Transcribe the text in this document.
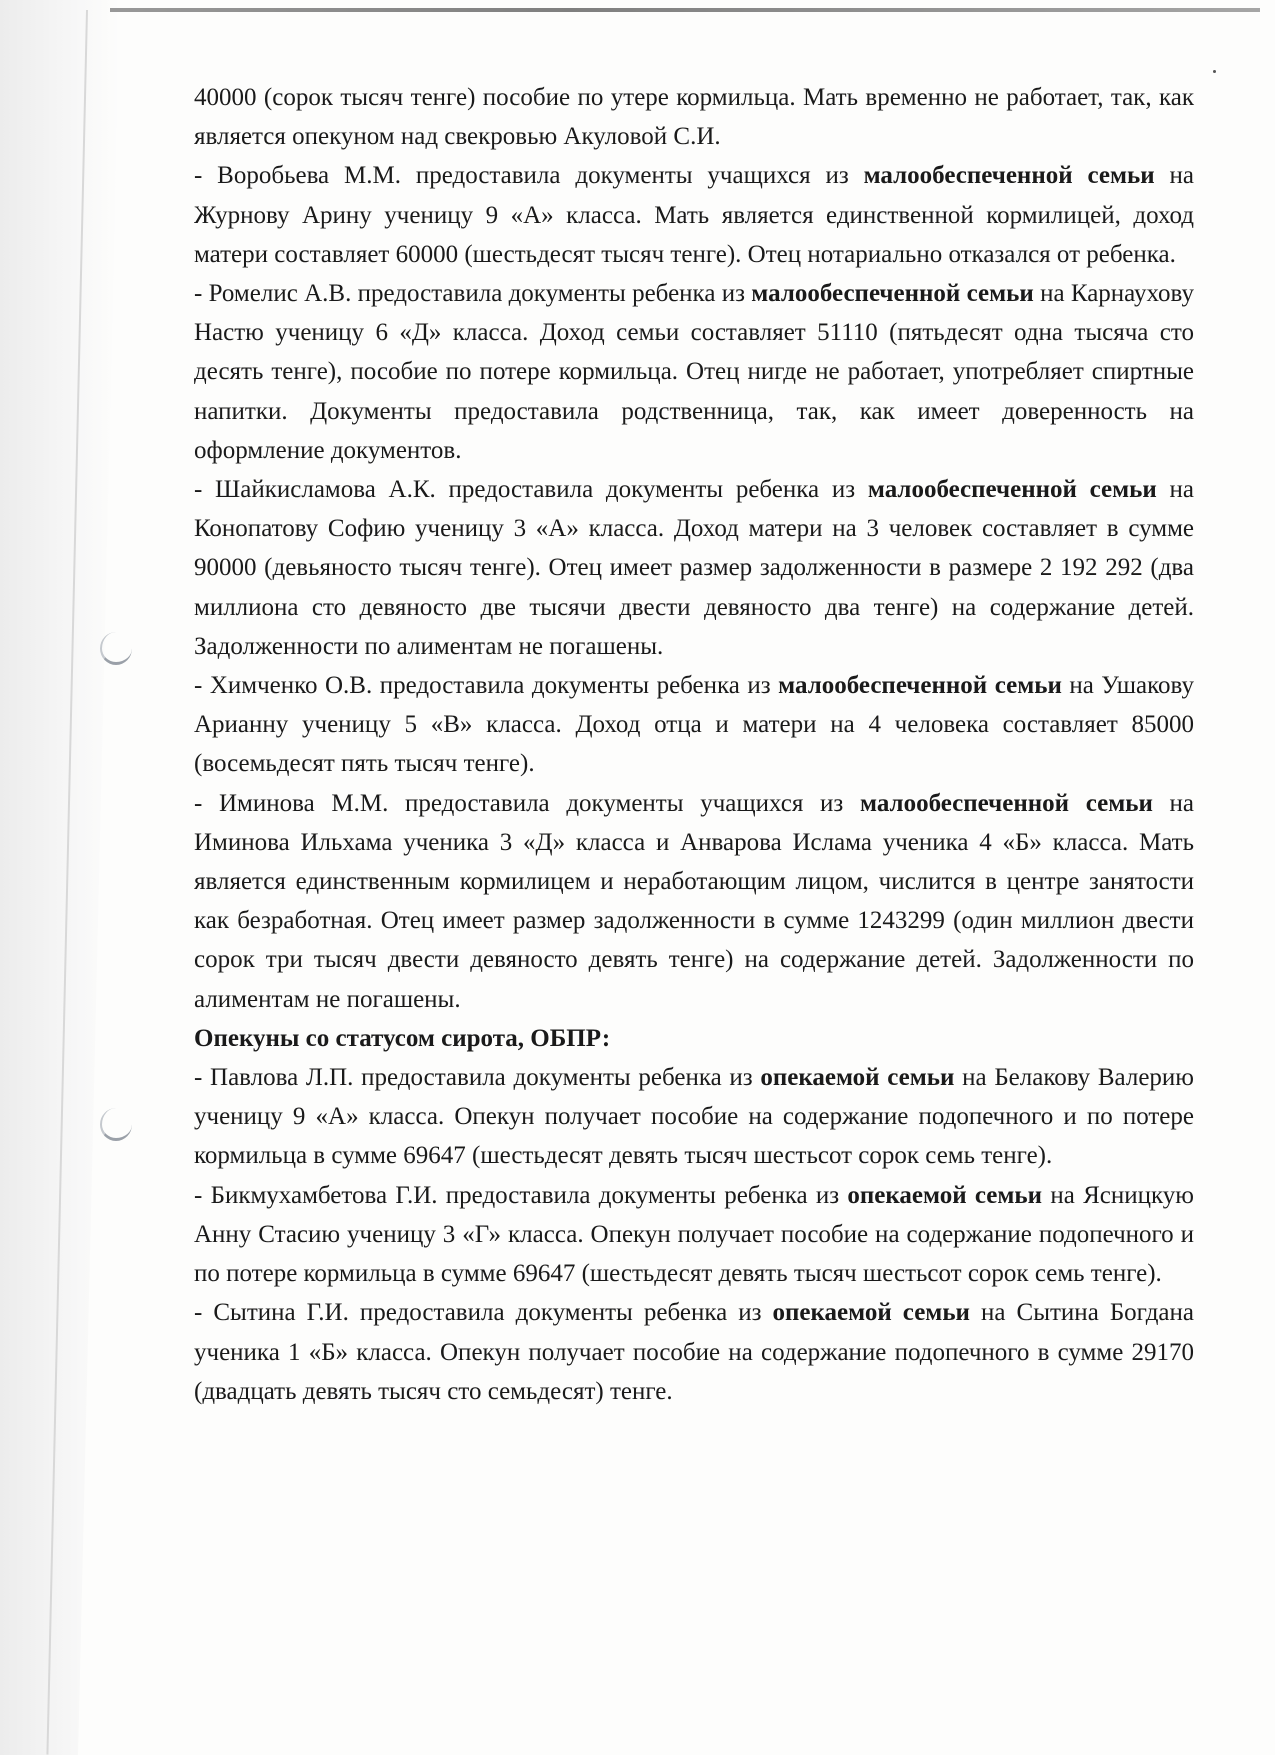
40000 (сорок тысяч тенге) пособие по утере кормильца. Мать временно не работает, так, как является опекуном над свекровью Акуловой С.И.

- Воробьева М.М. предоставила документы учащихся из малообеспеченной семьи на Журнову Арину ученицу 9 «А» класса. Мать является единственной кормилицей, доход матери составляет 60000 (шестьдесят тысяч тенге). Отец нотариально отказался от ребенка.

- Ромелис А.В. предоставила документы ребенка из малообеспеченной семьи на Карнаухову Настю ученицу 6 «Д» класса. Доход семьи составляет 51110 (пятьдесят одна тысяча сто десять тенге), пособие по потере кормильца. Отец нигде не работает, употребляет спиртные напитки. Документы предоставила родственница, так, как имеет доверенность на оформление документов.

- Шайкисламова А.К. предоставила документы ребенка из малообеспеченной семьи на Конопатову Софию ученицу 3 «А» класса. Доход матери на 3 человек составляет в сумме 90000 (девьяносто тысяч тенге). Отец имеет размер задолженности в размере 2 192 292 (два миллиона сто девяносто две тысячи двести девяносто два тенге) на содержание детей. Задолженности по алиментам не погашены.

- Химченко О.В. предоставила документы ребенка из малообеспеченной семьи на Ушакову Арианну ученицу 5 «В» класса. Доход отца и матери на 4 человека составляет 85000 (восемьдесят пять тысяч тенге).

- Иминова М.М. предоставила документы учащихся из малообеспеченной семьи на Иминова Ильхама ученика 3 «Д» класса и Анварова Ислама ученика 4 «Б» класса. Мать является единственным кормилицем и неработающим лицом, числится в центре занятости как безработная. Отец имеет размер задолженности в сумме 1243299 (один миллион двести сорок три тысяч двести девяносто девять тенге) на содержание детей. Задолженности по алиментам не погашены.

Опекуны со статусом сирота, ОБПР:

- Павлова Л.П. предоставила документы ребенка из опекаемой семьи на Белакову Валерию ученицу 9 «А» класса. Опекун получает пособие на содержание подопечного и по потере кормильца в сумме 69647 (шестьдесят девять тысяч шестьсот сорок семь тенге).

- Бикмухамбетова Г.И. предоставила документы ребенка из опекаемой семьи на Ясницкую Анну Стасию ученицу 3 «Г» класса. Опекун получает пособие на содержание подопечного и по потере кормильца в сумме 69647 (шестьдесят девять тысяч шестьсот сорок семь тенге).

- Сытина Г.И. предоставила документы ребенка из опекаемой семьи на Сытина Богдана ученика 1 «Б» класса. Опекун получает пособие на содержание подопечного в сумме 29170 (двадцать девять тысяч сто семьдесят) тенге.
